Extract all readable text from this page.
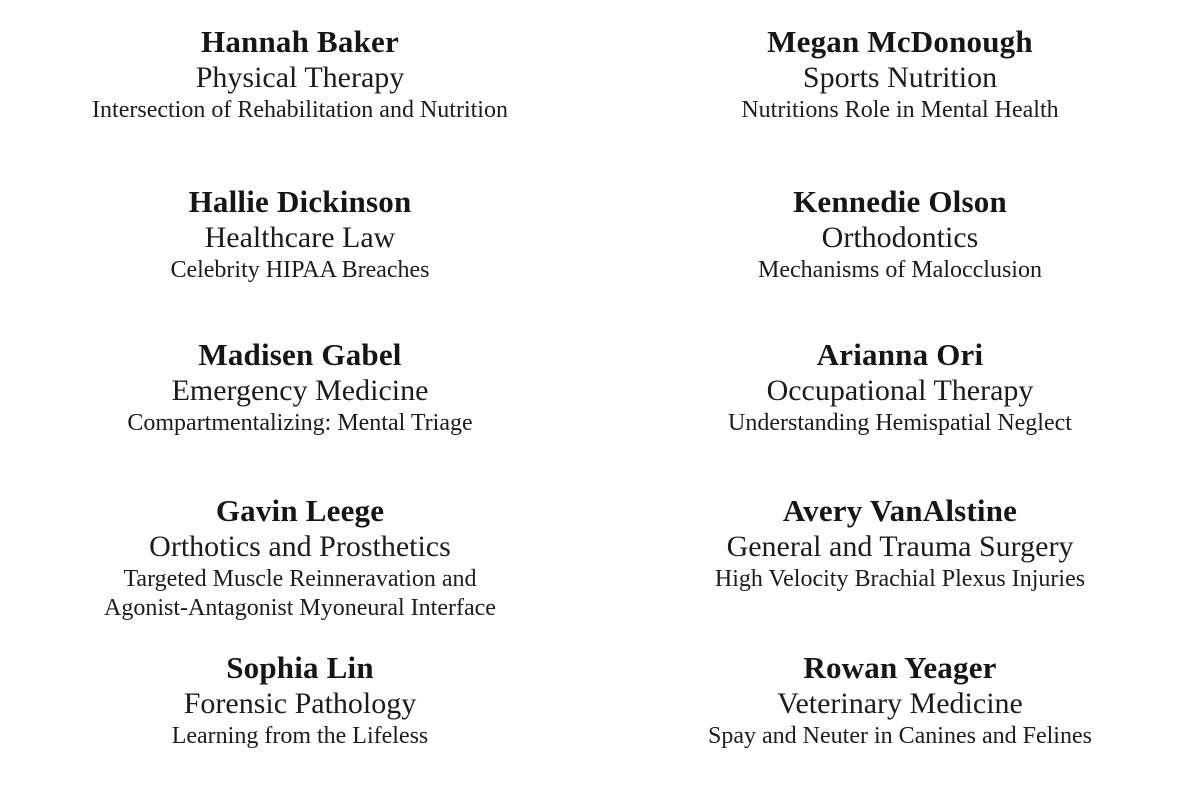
Hannah Baker
Physical Therapy
Intersection of Rehabilitation and Nutrition
Megan McDonough
Sports Nutrition
Nutritions Role in Mental Health
Hallie Dickinson
Healthcare Law
Celebrity HIPAA Breaches
Kennedie Olson
Orthodontics
Mechanisms of Malocclusion
Madisen Gabel
Emergency Medicine
Compartmentalizing: Mental Triage
Arianna Ori
Occupational Therapy
Understanding Hemispatial Neglect
Gavin Leege
Orthotics and Prosthetics
Targeted Muscle Reinneravation and
Agonist-Antagonist Myoneural Interface
Avery VanAlstine
General and Trauma Surgery
High Velocity Brachial Plexus Injuries
Sophia Lin
Forensic Pathology
Learning from the Lifeless
Rowan Yeager
Veterinary Medicine
Spay and Neuter in Canines and Felines
